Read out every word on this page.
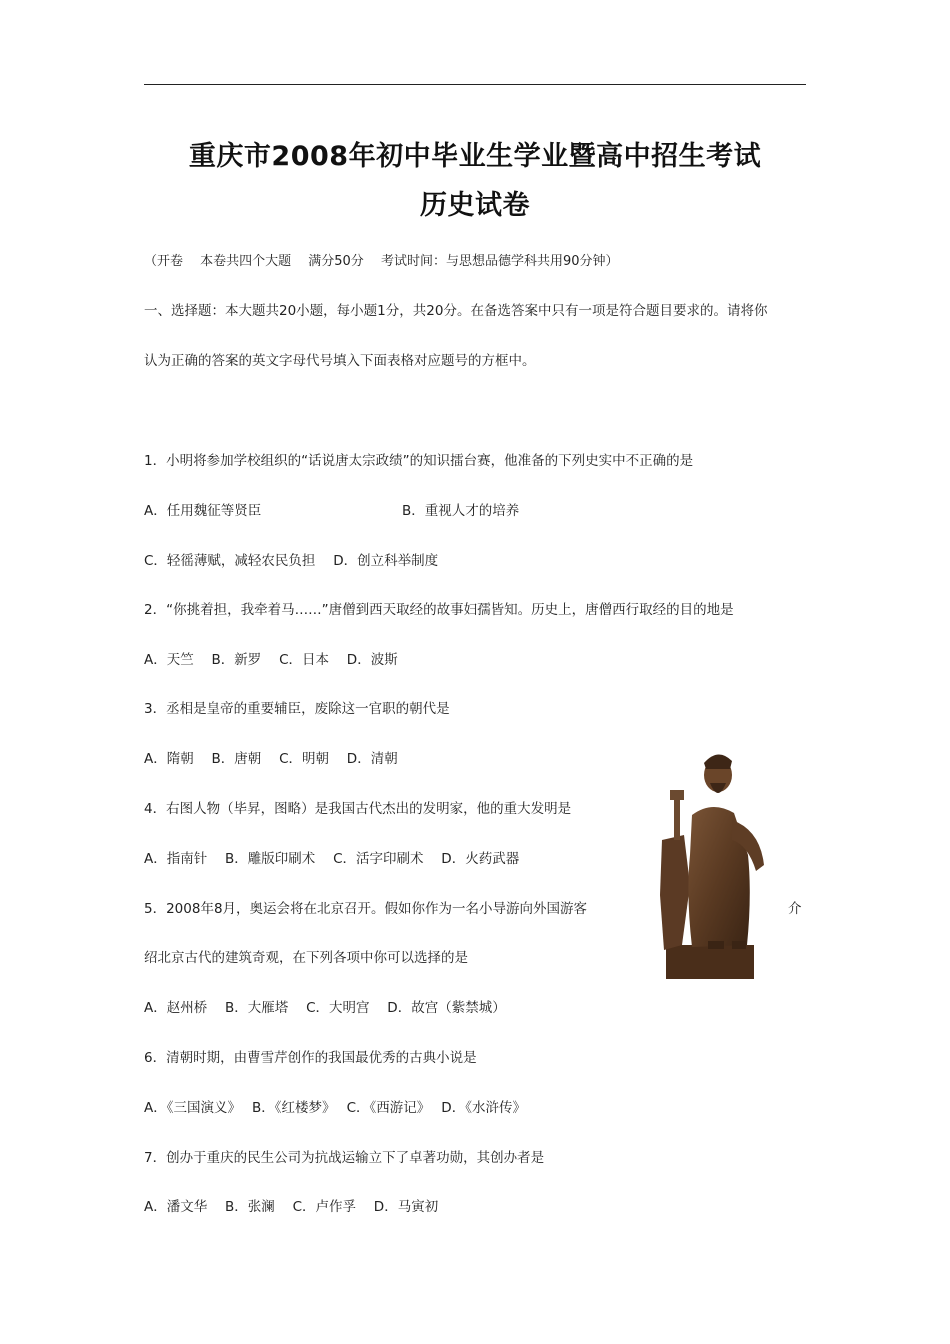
重庆市2008年初中毕业生学业暨高中招生考试
历史试卷
（开卷　 本卷共四个大题　 满分50分　 考试时间：与思想品德学科共用90分钟）
一、选择题：本大题共20小题，每小题1分，共20分。在备选答案中只有一项是符合题目要求的。请将你
认为正确的答案的英文字母代号填入下面表格对应题号的方框中。
1．小明将参加学校组织的“话说唐太宗政绩”的知识擂台赛，他准备的下列史实中不正确的是
A．任用魏征等贤臣	B．重视人才的培养
C．轻徭薄赋，减轻农民负担　 D．创立科举制度
2．“你挑着担，我牵着马……”唐僧到西天取经的故事妇孺皆知。历史上，唐僧西行取经的目的地是
A．天竺　 B．新罗　 C．日本　 D．波斯
3．丞相是皇帝的重要辅臣，废除这一官职的朝代是
A．隋朝　 B．唐朝　 C．明朝　 D．清朝
4．右图人物（毕昇，图略）是我国古代杰出的发明家，他的重大发明是
A．指南针　 B．雕版印刷术　 C．活字印刷术　 D．火药武器
5．2008年8月，奥运会将在北京召开。假如你作为一名小导游向外国游客	介
绍北京古代的建筑奇观，在下列各项中你可以选择的是
A．赵州桥　 B．大雁塔　 C．大明宫　 D．故宫（紫禁城）
6．清朝时期，由曹雪芹创作的我国最优秀的古典小说是
A．《三国演义》　 B．《红楼梦》　 C．《西游记》　 D．《水浒传》
7．创办于重庆的民生公司为抗战运输立下了卓著功勋，其创办者是
A．潘文华　 B．张澜　 C．卢作孚　 D．马寅初
